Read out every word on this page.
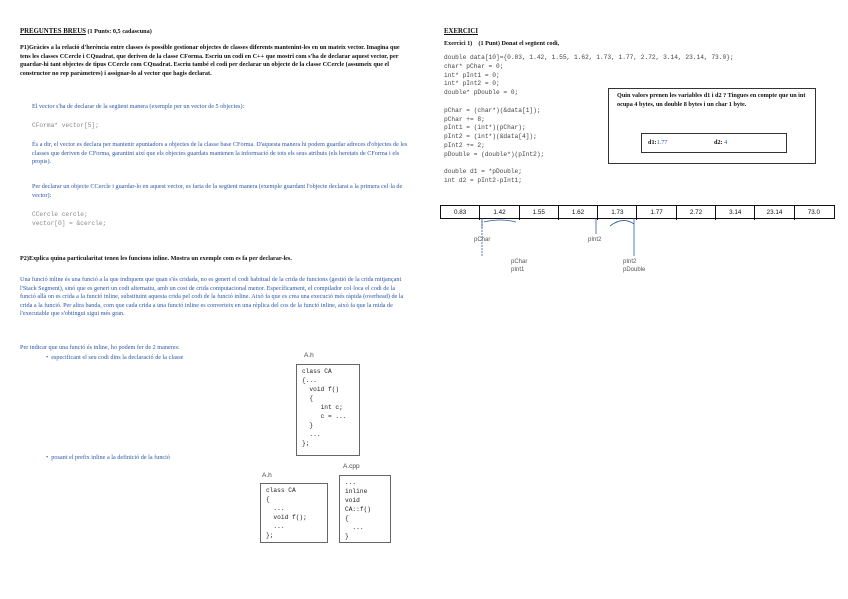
PREGUNTES BREUS (1 Punts: 0,5 cadascuna)

P1)Gràcies a la relació d'herència entre classes és possible gestionar objectes de classes diferents mantenint-les en un mateix vector. Imagina que tens les classes CCercle i CQuadrat, que deriven de la classe CForma. Escriu un codi en C++ que mostri com s'ha de declarar aquest vector, per guardar-hi tant objectes de tipus CCercle com CQuadrat. Escriu també el codi per declarar un objecte de la classe CCercle (assumeix que el constructor no rep paràmetres) i assignar-lo al vector que hagis declarat.

El vector s'ha de declarar de la següent manera (exemple per un vector de 5 objectes):

CForma* vector[5];

És a dir, el vector es declara per mantenir apuntadors a objectes de la classe base CForma. D'aquesta manera hi podem guardar adreces d'objectes de les classes que deriven de CForma, garantint així que els objectes guardats mantenen la informació de tots els seus atributs (els heretats de CForma i els propis).

Per declarar un objecte CCercle i guardar-lo en aquest vector, es faria de la següent manera (exemple guardant l'objecte declarat a la primera cel·la de vector):

CCercle cercle;
vector[0] = &cercle;

P2)Explica quina particularitat tenen les funcions inline. Mostra un exemple com es fa per declarar-les.

Una funció inline és una funció a la que indiquem que quan s'és cridada, no es generi el codi habitual de la crida de funcions (gestió de la crida mitjançant l'Stack Segment), sinó que es generi un codi alternatiu, amb un cost de crida computacional menor. Específicament, el compilador col·loca el codi de la funció allà on es crida a la funció inline, substituint aquesta crida pel codi de la funció inline. Això fa que es crea una execució més ràpida (overhead) de la crida a la funció. Per altra banda, com que cada crida a una funció inline es converteix en una rèplica del cos de la funció inline, això fa que la mida de l'executable que s'obtingui sigui més gran.

Per indicar que una funció és inline, ho podem fer de 2 maneres:

• especificant el seu codi dins la declaració de la classe
• posant el prefix inline a la definició de la funció
A.h
class CA
{...
void f()
{
int c;
c = ...
}
...
};
A.h
class CA
{
...
void f();
...
};
A.cpp
...
inline
void
CA::f()
{
...
}
EXERCICI
Exercici 1) (1 Punt) Donat el següent codi,
double data[10]={0.83, 1.42, 1.55, 1.62, 1.73, 1.77, 2.72, 3.14, 23.14, 73.0};
char* pChar = 0;
int* pInt1 = 0;
int* pInt2 = 0;
double* pDouble = 0;

pChar = (char*)(&data[1]);
pChar += 8;
pInt1 = (int*)(pChar);
pInt2 = (int*)(&data[4]);
pInt2 += 2;
pDouble = (double*)(pInt2);

double d1 = *pDouble;
int d2 = pInt2-pInt1;

Quin valors prenen les variables d1 i d2 ? Tingues en compte que un int ocupa 4 bytes, un double 8 bytes i un char 1 byte.

d1:1.77	d2: 4
0.83	1.42	1.55	1.62	1.73	1.77	2.72	3.14	23.14	73.0
pChar	pInt2
pChar
pInt1
pInt2
pDouble
